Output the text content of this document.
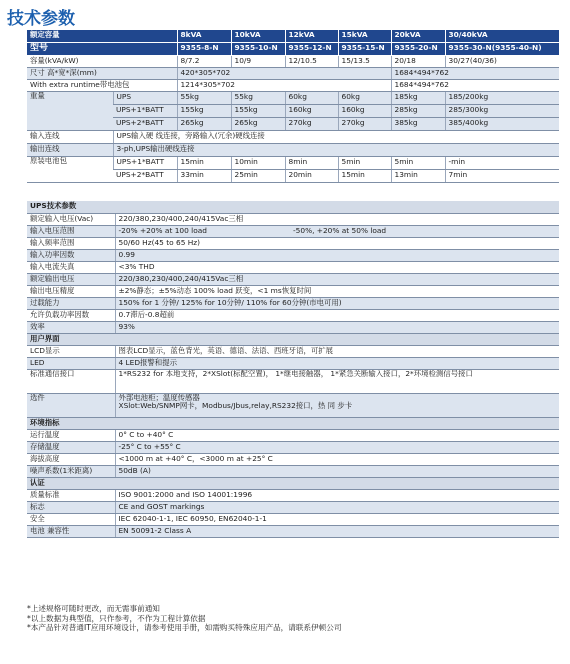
技术参数
额定容量		8kVA	10kVA	12kVA	15kVA	20kVA	30/40kVA
型号		9355-8-N	9355-10-N	9355-12-N	9355-15-N	9355-20-N	9355-30-N(9355-40-N)
容量(kVA/kW)		8/7.2	10/9	12/10.5	15/13.5	20/18	30/27(40/36)
尺寸 高*宽*深(mm)		420*305*702				1684*494*762	
With extra runtime带电池包		1214*305*702				1684*494*762	
重量	UPS	55kg	55kg	60kg	60kg	185kg	185/200kg
	UPS+1*BATT	155kg	155kg	160kg	160kg	285kg	285/300kg
	UPS+2*BATT	265kg	265kg	270kg	270kg	385kg	385/400kg
输入连线	UPS输入硬 线连接，旁路输入(冗余)硬线连接						
输出连线	3-ph,UPS输出硬线连接						
原装电池包	UPS+1*BATT	15min	10min	8min	5min	5min	-min
	UPS+2*BATT	33min	25min	20min	15min	13min	7min
UPS技术参数		
额定输入电压(Vac)	220/380,230/400,240/415Vac三相	
输入电压范围	-20% +20% at 100 load	-50%, +20% at 50% load
输入频率范围	50/60 Hz(45 to 65 Hz)	
输入功率因数	0.99	
输入电流失真	<3% THD	
额定输出电压	220/380,230/400,240/415Vac三相	
输出电压精度	±2%静态；±5%动态 100% load 跃变，<1 ms恢复时间	
过载能力	150% for 1 分钟/ 125% for 10分钟/ 110% for 60分钟(市电可用)	
允许负载功率因数	0.7滞后-0.8超前	
效率	93%	
用户界面		
LCD显示	图表LCD显示，蓝色背光，英语、德语、法语、西班牙语，可扩展	
LED	4 LED报警和提示	
标准通信接口	1*RS232 for 本地支持，2*XSlot(标配空置)， 1*继电接触器， 1*紧急关断输入接口，2*环境检测信号接口	
选件	外部电池柜；温度传感器
XSlot:Web/SNMP网卡，Modbus/Jbus,relay,RS232接口，热 同 步卡	
环境指标		
运行温度	0° C to +40° C	
存储温度	-25° C to +55° C	
海拔高度	<1000 m at +40° C，<3000 m at +25° C	
噪声系数(1米距离)	50dB (A)	
认证		
质量标准	ISO 9001:2000 and ISO 14001:1996	
标志	CE and GOST markings	
安全	IEC 62040-1-1, IEC 60950, EN62040-1-1	
电池 兼容性	EN 50091-2 Class A	
*上述规格可随时更改，而无需事前通知
*以上数据为典型值，只作参考，不作为工程计算依据
*本产品针对普通IT应用环境设计，请参考使用手册，如需购买特殊应用产品，请联系伊顿公司
